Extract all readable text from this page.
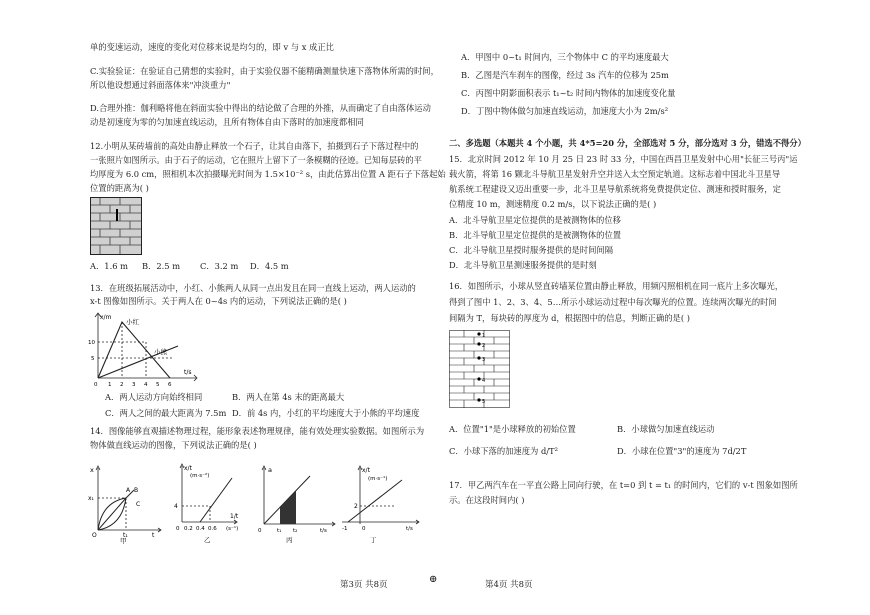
单的变速运动，速度的变化对位移来说是均匀的，即 v 与 x 成正比
C.实验验证：在验证自己猜想的实验时，由于实验仪器不能精确测量快速下落物体所需的时间，
所以他设想通过斜面落体来"冲淡重力"
D.合理外推：伽利略将他在斜面实验中得出的结论做了合理的外推，从而确定了自由落体运动
动是初速度为零的匀加速直线运动，且所有物体自由下落时的加速度都相同
12.小明从某砖墙前的高处由静止释放一个石子，让其自由落下，拍摄到石子下落过程中的
一张照片如图所示。由于石子的运动，它在照片上留下了一条模糊的径迹。已知每层砖的平
均厚度为 6.0 cm，照相机本次拍摄曝光时间为 1.5×10⁻² s，由此估算出位置 A 距石子下落起始
位置的距离为( )
A．1.6 m B．2.5 m C．3.2 m D．4.5 m
13．在班级拓展活动中，小红、小熊两人从同一点出发且在同一直线上运动，两人运动的
x-t 图像如图所示。关于两人在 0~4s 内的运动，下列说法正确的是( )
x/m
t/s
小红
小熊
10
5
0 1 2 3 4 5 6
A．两人运动方向始终相同	B．两人在第 4s 末的距离最大
C．两人之间的最大距离为 7.5m D．前 4s 内，小红的平均速度大于小熊的平均速度
14．图像能够直观描述物理过程，能形象表述物理规律，能有效处理实验数据。如图所示为
物体做直线运动的图像，下列说法正确的是( )
x
x₁
A B
C
O	t₁	t
甲
x/t
(m·s⁻²)
4
0 0.2 0.4 0.6
1/t
(s⁻¹)
乙
a
0	t₁ t₂	t/s
丙
x/t
(m·s⁻¹)
2
-1	0	t/s
丁
第3页 共8页	⊕
A．甲图中 0~t₁ 时间内，三个物体中 C 的平均速度最大
B．乙图是汽车刹车的图像，经过 3s 汽车的位移为 25m
C．丙图中阴影面积表示 t₁~t₂ 时间内物体的加速度变化量
D．丁图中物体做匀加速直线运动，加速度大小为 2m/s²
二、多选题（本题共 4 个小题，共 4*5=20 分，全部选对 5 分，部分选对 3 分，错选不得分）
15．北京时间 2012 年 10 月 25 日 23 时 33 分，中国在西昌卫星发射中心用"长征三号丙"运
载火箭，将第 16 颗北斗导航卫星发射升空并送入太空预定轨道。这标志着中国北斗卫星导
航系统工程建设又迈出重要一步，北斗卫星导航系统将免费提供定位、测速和授时服务，定
位精度 10 m，测速精度 0.2 m/s，以下说法正确的是( )
A．北斗导航卫星定位提供的是被测物体的位移
B．北斗导航卫星定位提供的是被测物体的位置
C．北斗导航卫星授时服务提供的是时间间隔
D．北斗导航卫星测速服务提供的是时刻
16．如图所示，小球从竖直砖墙某位置由静止释放，用频闪照相机在同一底片上多次曝光，
得到了图中 1、2、3、4、5…所示小球运动过程中每次曝光的位置。连续两次曝光的时间
间隔为 T，每块砖的厚度为 d，根据图中的信息，判断正确的是( )
1
2
3
4
5
A．位置"1"是小球释放的初始位置	B．小球做匀加速直线运动
C．小球下落的加速度为 d/T²	D．小球在位置"3"的速度为 7d/2T
17．甲乙两汽车在一平直公路上同向行驶，在 t=0 到 t = t₁ 的时间内，它们的 v-t 图象如图所
示。在这段时间内( )
第4页 共8页
